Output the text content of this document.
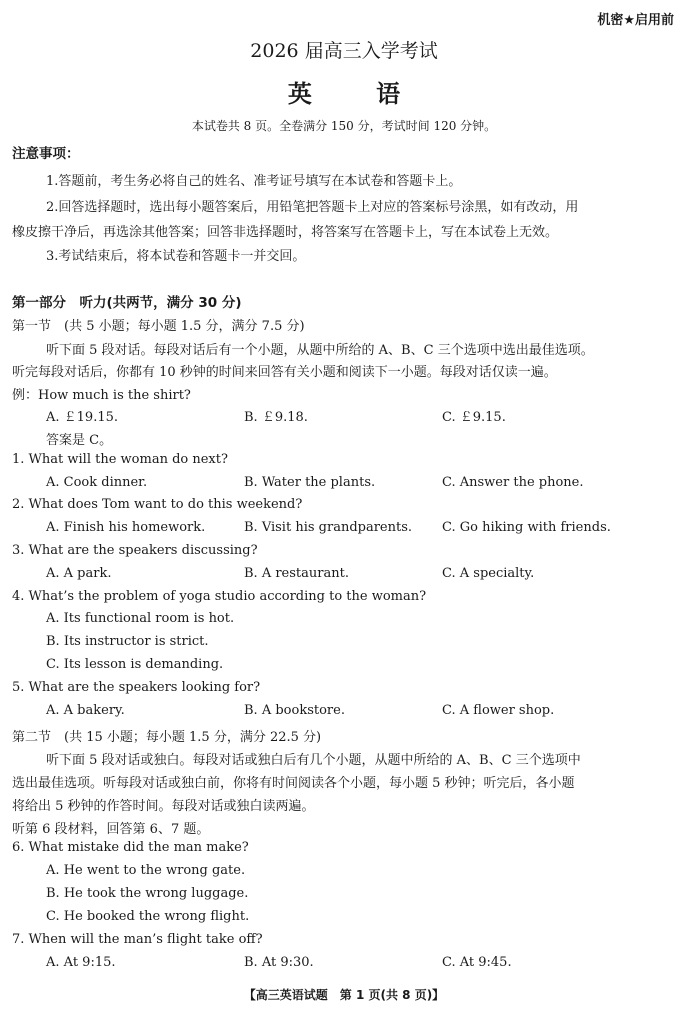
机密★启用前
2026 届高三入学考试
英 语
本试卷共 8 页。全卷满分 150 分，考试时间 120 分钟。
注意事项：
1.答题前，考生务必将自己的姓名、准考证号填写在本试卷和答题卡上。
2.回答选择题时，选出每小题答案后，用铅笔把答题卡上对应的答案标号涂黑，如有改动，用
橡皮擦干净后，再选涂其他答案；回答非选择题时，将答案写在答题卡上，写在本试卷上无效。
3.考试结束后，将本试卷和答题卡一并交回。
第一部分　听力(共两节，满分 30 分)
第一节　(共 5 小题；每小题 1.5 分，满分 7.5 分)
听下面 5 段对话。每段对话后有一个小题，从题中所给的 A、B、C 三个选项中选出最佳选项。
听完每段对话后，你都有 10 秒钟的时间来回答有关小题和阅读下一小题。每段对话仅读一遍。
例：How much is the shirt?
A. ￡19.15.	B. ￡9.18.	C. ￡9.15.
答案是 C。
1. What will the woman do next?
A. Cook dinner.	B. Water the plants.	C. Answer the phone.
2. What does Tom want to do this weekend?
A. Finish his homework.	B. Visit his grandparents. C. Go hiking with friends.
3. What are the speakers discussing?
A. A park.	B. A restaurant.	C. A specialty.
4. What’s the problem of yoga studio according to the woman?
A. Its functional room is hot.
B. Its instructor is strict.
C. Its lesson is demanding.
5. What are the speakers looking for?
A. A bakery.	B. A bookstore.	C. A flower shop.
第二节　(共 15 小题；每小题 1.5 分，满分 22.5 分)
听下面 5 段对话或独白。每段对话或独白后有几个小题，从题中所给的 A、B、C 三个选项中
选出最佳选项。听每段对话或独白前，你将有时间阅读各个小题，每小题 5 秒钟；听完后，各小题
将给出 5 秒钟的作答时间。每段对话或独白读两遍。
听第 6 段材料，回答第 6、7 题。
6. What mistake did the man make?
A. He went to the wrong gate.
B. He took the wrong luggage.
C. He booked the wrong flight.
7. When will the man’s flight take off?
A. At 9:15.	B. At 9:30.	C. At 9:45.
【高三英语试题　第 1 页(共 8 页)】
